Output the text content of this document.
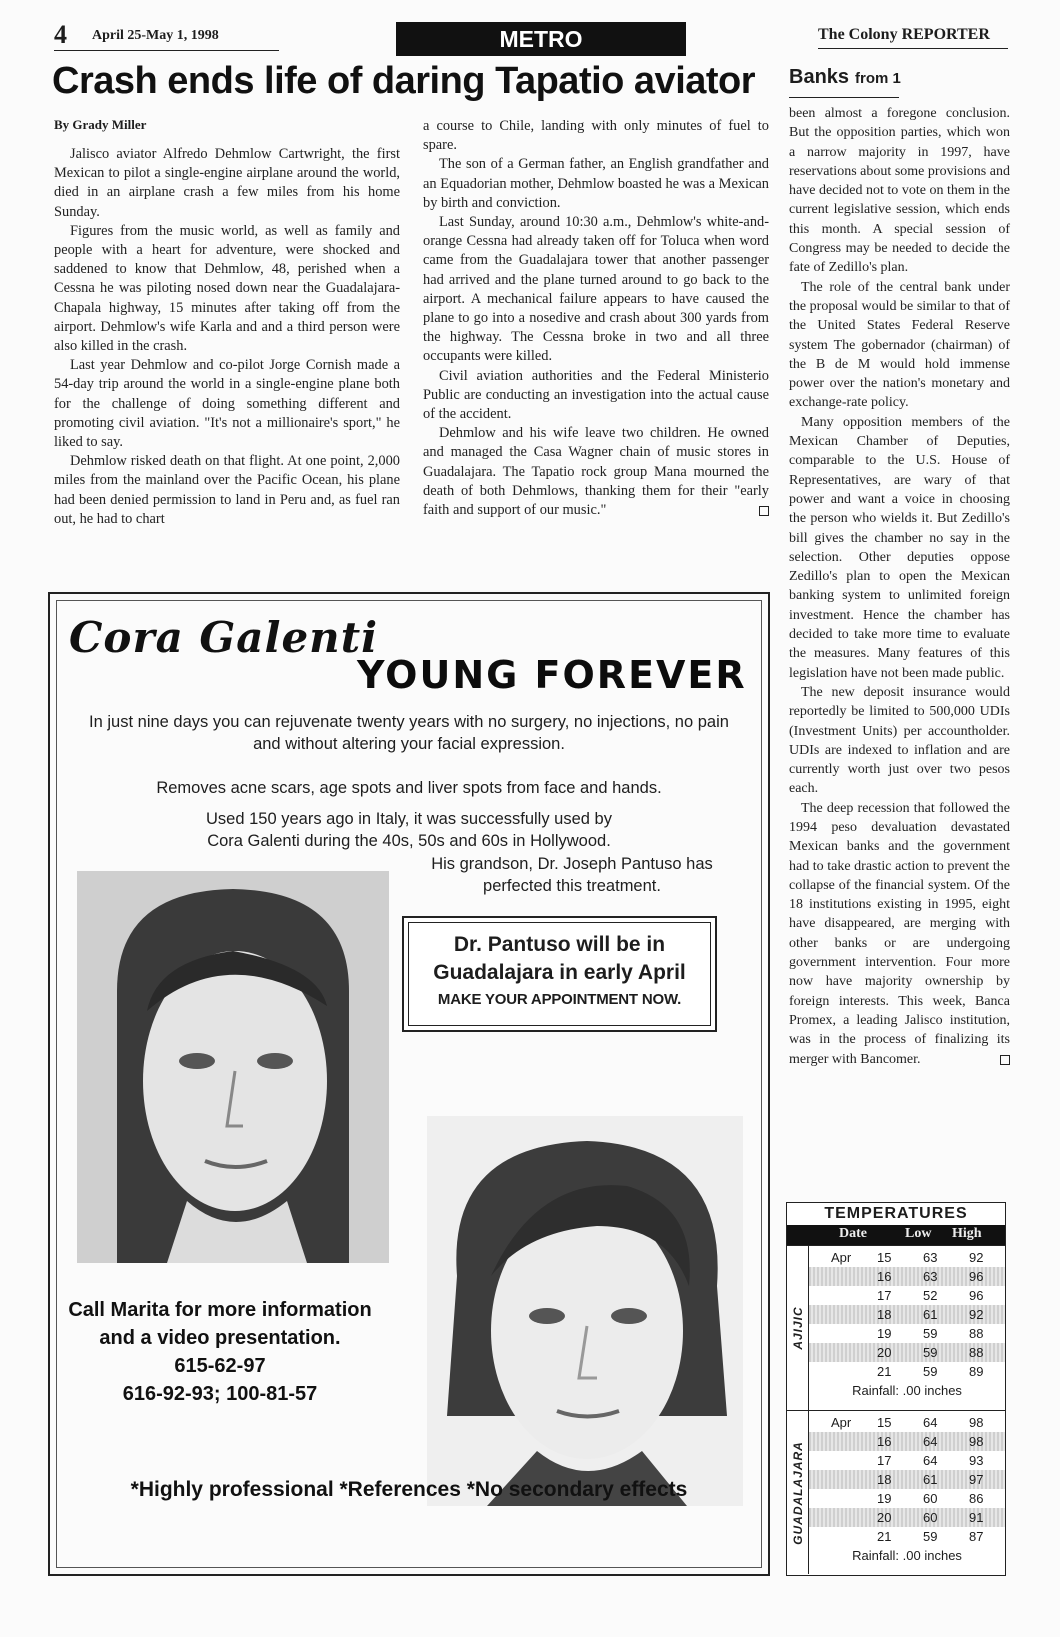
4 April 25-May 1, 1998	METRO	The Colony REPORTER
Crash ends life of daring Tapatio aviator
By Grady Miller

Jalisco aviator Alfredo Dehmlow Cartwright, the first Mexican to pilot a single-engine airplane around the world, died in an airplane crash a few miles from his home Sunday.

Figures from the music world, as well as family and people with a heart for adventure, were shocked and saddened to know that Dehmlow, 48, perished when a Cessna he was piloting nosed down near the Guadalajara-Chapala highway, 15 minutes after taking off from the airport. Dehmlow's wife Karla and and a third person were also killed in the crash.

Last year Dehmlow and co-pilot Jorge Cornish made a 54-day trip around the world in a single-engine plane both for the challenge of doing something different and promoting civil aviation. "It's not a millionaire's sport," he liked to say.

Dehmlow risked death on that flight. At one point, 2,000 miles from the mainland over the Pacific Ocean, his plane had been denied permission to land in Peru and, as fuel ran out, he had to chart

a course to Chile, landing with only minutes of fuel to spare.

The son of a German father, an English grandfather and an Equadorian mother, Dehmlow boasted he was a Mexican by birth and conviction.

Last Sunday, around 10:30 a.m., Dehmlow's white-and-orange Cessna had already taken off for Toluca when word came from the Guadalajara tower that another passenger had arrived and the plane turned around to go back to the airport. A mechanical failure appears to have caused the plane to go into a nosedive and crash about 300 yards from the highway. The Cessna broke in two and all three occupants were killed.

Civil aviation authorities and the Federal Ministerio Public are conducting an investigation into the actual cause of the accident.

Dehmlow and his wife leave two children. He owned and managed the Casa Wagner chain of music stores in Guadalajara. The Tapatio rock group Mana mourned the death of both Dehmlows, thanking them for their "early faith and support of our music."

Banks from 1
been almost a foregone conclusion. But the opposition parties, which won a narrow majority in 1997, have reservations about some provisions and have decided not to vote on them in the current legislative session, which ends this month. A special session of Congress may be needed to decide the fate of Zedillo's plan.

The role of the central bank under the proposal would be similar to that of the United States Federal Reserve system The gobernador (chairman) of the B de M would hold immense power over the nation's monetary and exchange-rate policy.

Many opposition members of the Mexican Chamber of Deputies, comparable to the U.S. House of Representatives, are wary of that power and want a voice in choosing the person who wields it. But Zedillo's bill gives the chamber no say in the selection. Other deputies oppose Zedillo's plan to open the Mexican banking system to unlimited foreign investment. Hence the chamber has decided to take more time to evaluate the measures. Many features of this legislation have not been made public.

The new deposit insurance would reportedly be limited to 500,000 UDIs (Investment Units) per accountholder. UDIs are indexed to inflation and are currently worth just over two pesos each.

The deep recession that followed the 1994 peso devaluation devastated Mexican banks and the government had to take drastic action to prevent the collapse of the financial system. Of the 18 institutions existing in 1995, eight have disappeared, are merging with other banks or are undergoing government intervention. Four more now have majority ownership by foreign interests. This week, Banca Promex, a leading Jalisco institution, was in the process of finalizing its merger with Bancomer.

Cora Galenti
YOUNG FOREVER
In just nine days you can rejuvenate twenty years with no surgery, no injections, no pain and without altering your facial expression.
Removes acne scars, age spots and liver spots from face and hands.
Used 150 years ago in Italy, it was successfully used by Cora Galenti during the 40s, 50s and 60s in Hollywood.
His grandson, Dr. Joseph Pantuso has perfected this treatment.
Dr. Pantuso will be in Guadalajara in early April
MAKE YOUR APPOINTMENT NOW.
Call Marita for more information and a video presentation.
615-62-97
616-92-93; 100-81-57
*Highly professional *References *No secondary effects
TEMPERATURES
Date	Low High
AJIJIC
Apr 15 63 92
16 63 96
17 52 96
18 61 92
19 59 88
20 59 88
21 59 89
Rainfall: .00 inches
GUADALAJARA
Apr 15 64 98
16 64 98
17 64 93
18 61 97
19 60 86
20 60 91
21 59 87
Rainfall: .00 inches
